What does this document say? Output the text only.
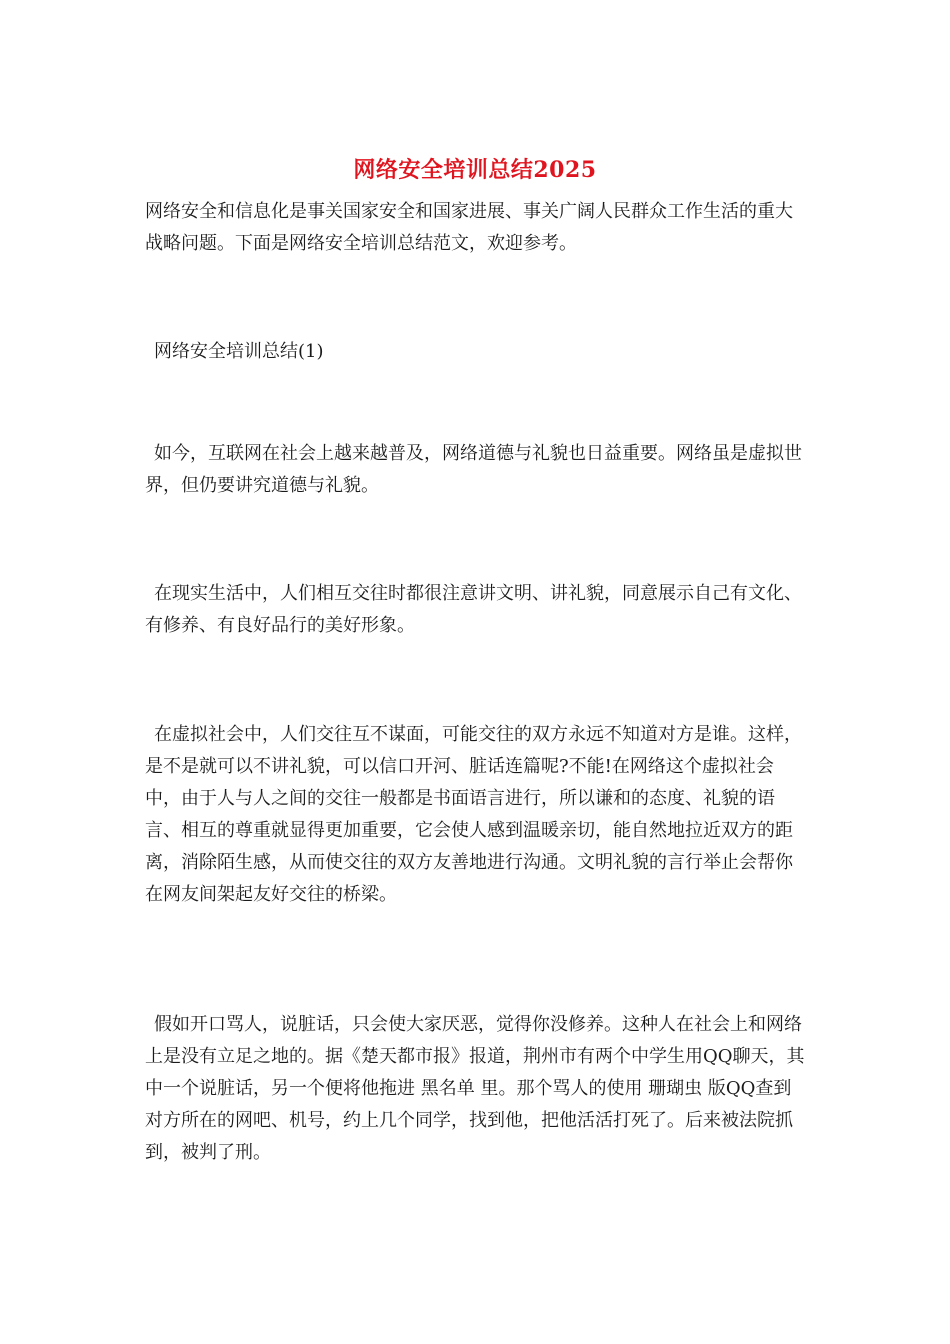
网络安全培训总结2025

网络安全和信息化是事关国家安全和国家进展、事关广阔人民群众工作生活的重大战略问题。下面是网络安全培训总结范文，欢迎参考。

网络安全培训总结(1)

如今，互联网在社会上越来越普及，网络道德与礼貌也日益重要。网络虽是虚拟世界，但仍要讲究道德与礼貌。

在现实生活中，人们相互交往时都很注意讲文明、讲礼貌，同意展示自己有文化、有修养、有良好品行的美好形象。

在虚拟社会中，人们交往互不谋面，可能交往的双方永远不知道对方是谁。这样，是不是就可以不讲礼貌，可以信口开河、脏话连篇呢?不能!在网络这个虚拟社会中，由于人与人之间的交往一般都是书面语言进行，所以谦和的态度、礼貌的语言、相互的尊重就显得更加重要，它会使人感到温暖亲切，能自然地拉近双方的距离，消除陌生感，从而使交往的双方友善地进行沟通。文明礼貌的言行举止会帮你在网友间架起友好交往的桥梁。

假如开口骂人，说脏话，只会使大家厌恶，觉得你没修养。这种人在社会上和网络上是没有立足之地的。据《楚天都市报》报道，荆州市有两个中学生用QQ聊天，其中一个说脏话，另一个便将他拖进 黑名单 里。那个骂人的使用 珊瑚虫 版QQ查到对方所在的网吧、机号，约上几个同学，找到他，把他活活打死了。后来被法院抓到，被判了刑。
